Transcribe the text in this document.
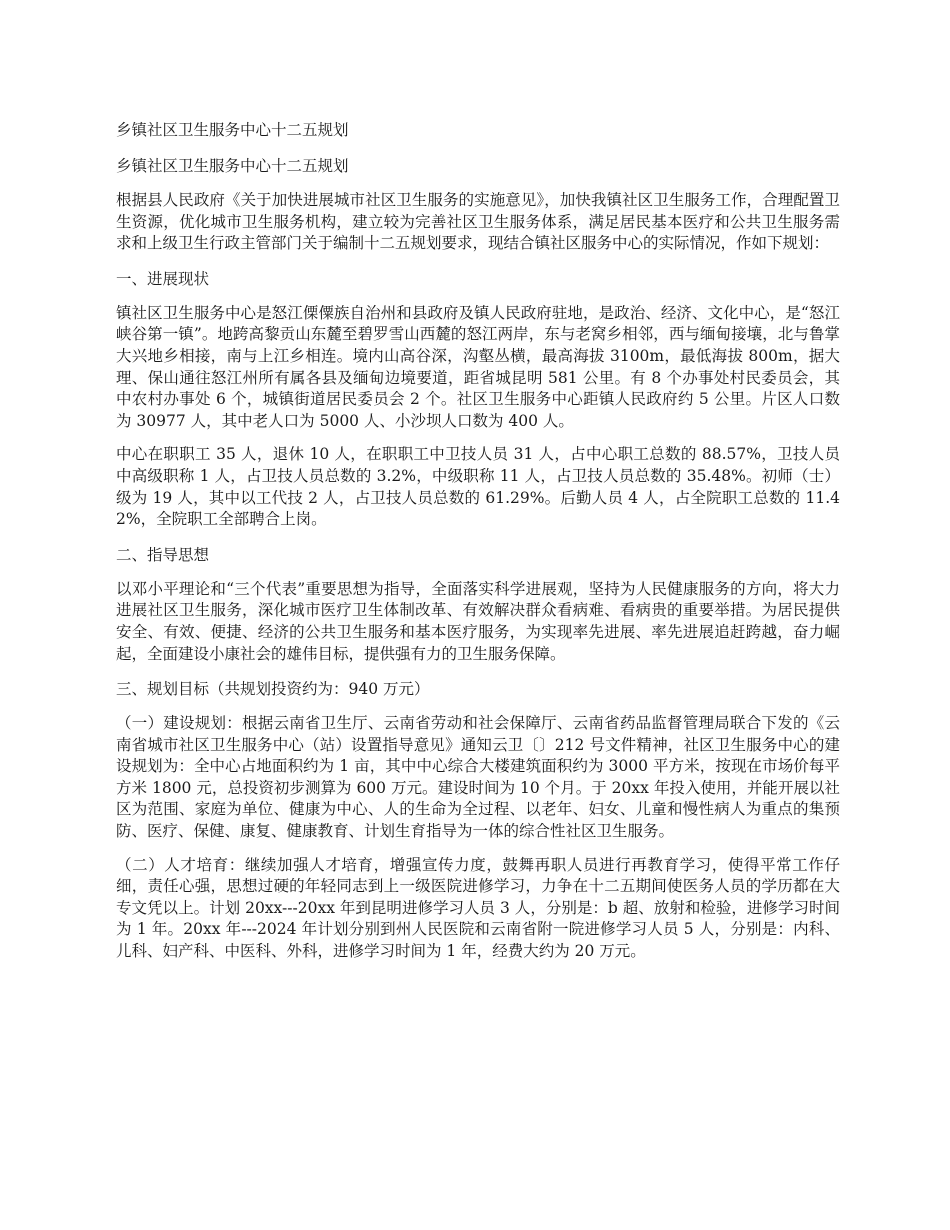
乡镇社区卫生服务中心十二五规划
乡镇社区卫生服务中心十二五规划

根据县人民政府《关于加快进展城市社区卫生服务的实施意见》，加快我镇社区卫生服务工作，合理配置卫生资源，优化城市卫生服务机构，建立较为完善社区卫生服务体系，满足居民基本医疗和公共卫生服务需求和上级卫生行政主管部门关于编制十二五规划要求，现结合镇社区服务中心的实际情况，作如下规划：

一、进展现状

镇社区卫生服务中心是怒江傈僳族自治州和县政府及镇人民政府驻地，是政治、经济、文化中心，是“怒江峡谷第一镇”。地跨高黎贡山东麓至碧罗雪山西麓的怒江两岸，东与老窝乡相邻，西与缅甸接壤，北与鲁掌大兴地乡相接，南与上江乡相连。境内山高谷深，沟壑丛横，最高海拔 3100m，最低海拔 800m，据大理、保山通往怒江州所有属各县及缅甸边境要道，距省城昆明 581 公里。有 8 个办事处村民委员会，其中农村办事处 6 个，城镇街道居民委员会 2 个。社区卫生服务中心距镇人民政府约 5 公里。片区人口数为 30977 人，其中老人口为 5000 人、小沙坝人口数为 400 人。

中心在职职工 35 人，退休 10 人，在职职工中卫技人员 31 人，占中心职工总数的 88.57%，卫技人员中高级职称 1 人，占卫技人员总数的 3.2%，中级职称 11 人，占卫技人员总数的 35.48%。初师（士）级为 19 人，其中以工代技 2 人，占卫技人员总数的 61.29%。后勤人员 4 人，占全院职工总数的 11.42%，全院职工全部聘合上岗。

二、指导思想

以邓小平理论和“三个代表”重要思想为指导，全面落实科学进展观，坚持为人民健康服务的方向，将大力进展社区卫生服务，深化城市医疗卫生体制改革、有效解决群众看病难、看病贵的重要举措。为居民提供安全、有效、便捷、经济的公共卫生服务和基本医疗服务，为实现率先进展、率先进展追赶跨越，奋力崛起，全面建设小康社会的雄伟目标，提供强有力的卫生服务保障。

三、规划目标（共规划投资约为：940 万元）

（一）建设规划：根据云南省卫生厅、云南省劳动和社会保障厅、云南省药品监督管理局联合下发的《云南省城市社区卫生服务中心（站）设置指导意见》通知云卫〔〕212 号文件精神，社区卫生服务中心的建设规划为：全中心占地面积约为 1 亩，其中中心综合大楼建筑面积约为 3000 平方米，按现在市场价每平方米 1800 元，总投资初步测算为 600 万元。建设时间为 10 个月。于 20xx 年投入使用，并能开展以社区为范围、家庭为单位、健康为中心、人的生命为全过程、以老年、妇女、儿童和慢性病人为重点的集预防、医疗、保健、康复、健康教育、计划生育指导为一体的综合性社区卫生服务。

（二）人才培育：继续加强人才培育，增强宣传力度，鼓舞再职人员进行再教育学习，使得平常工作仔细，责任心强，思想过硬的年轻同志到上一级医院进修学习，力争在十二五期间使医务人员的学历都在大专文凭以上。计划 20xx---20xx 年到昆明进修学习人员 3 人，分别是：b 超、放射和检验，进修学习时间为 1 年。20xx 年---2024 年计划分别到州人民医院和云南省附一院进修学习人员 5 人，分别是：内科、儿科、妇产科、中医科、外科，进修学习时间为 1 年，经费大约为 20 万元。
